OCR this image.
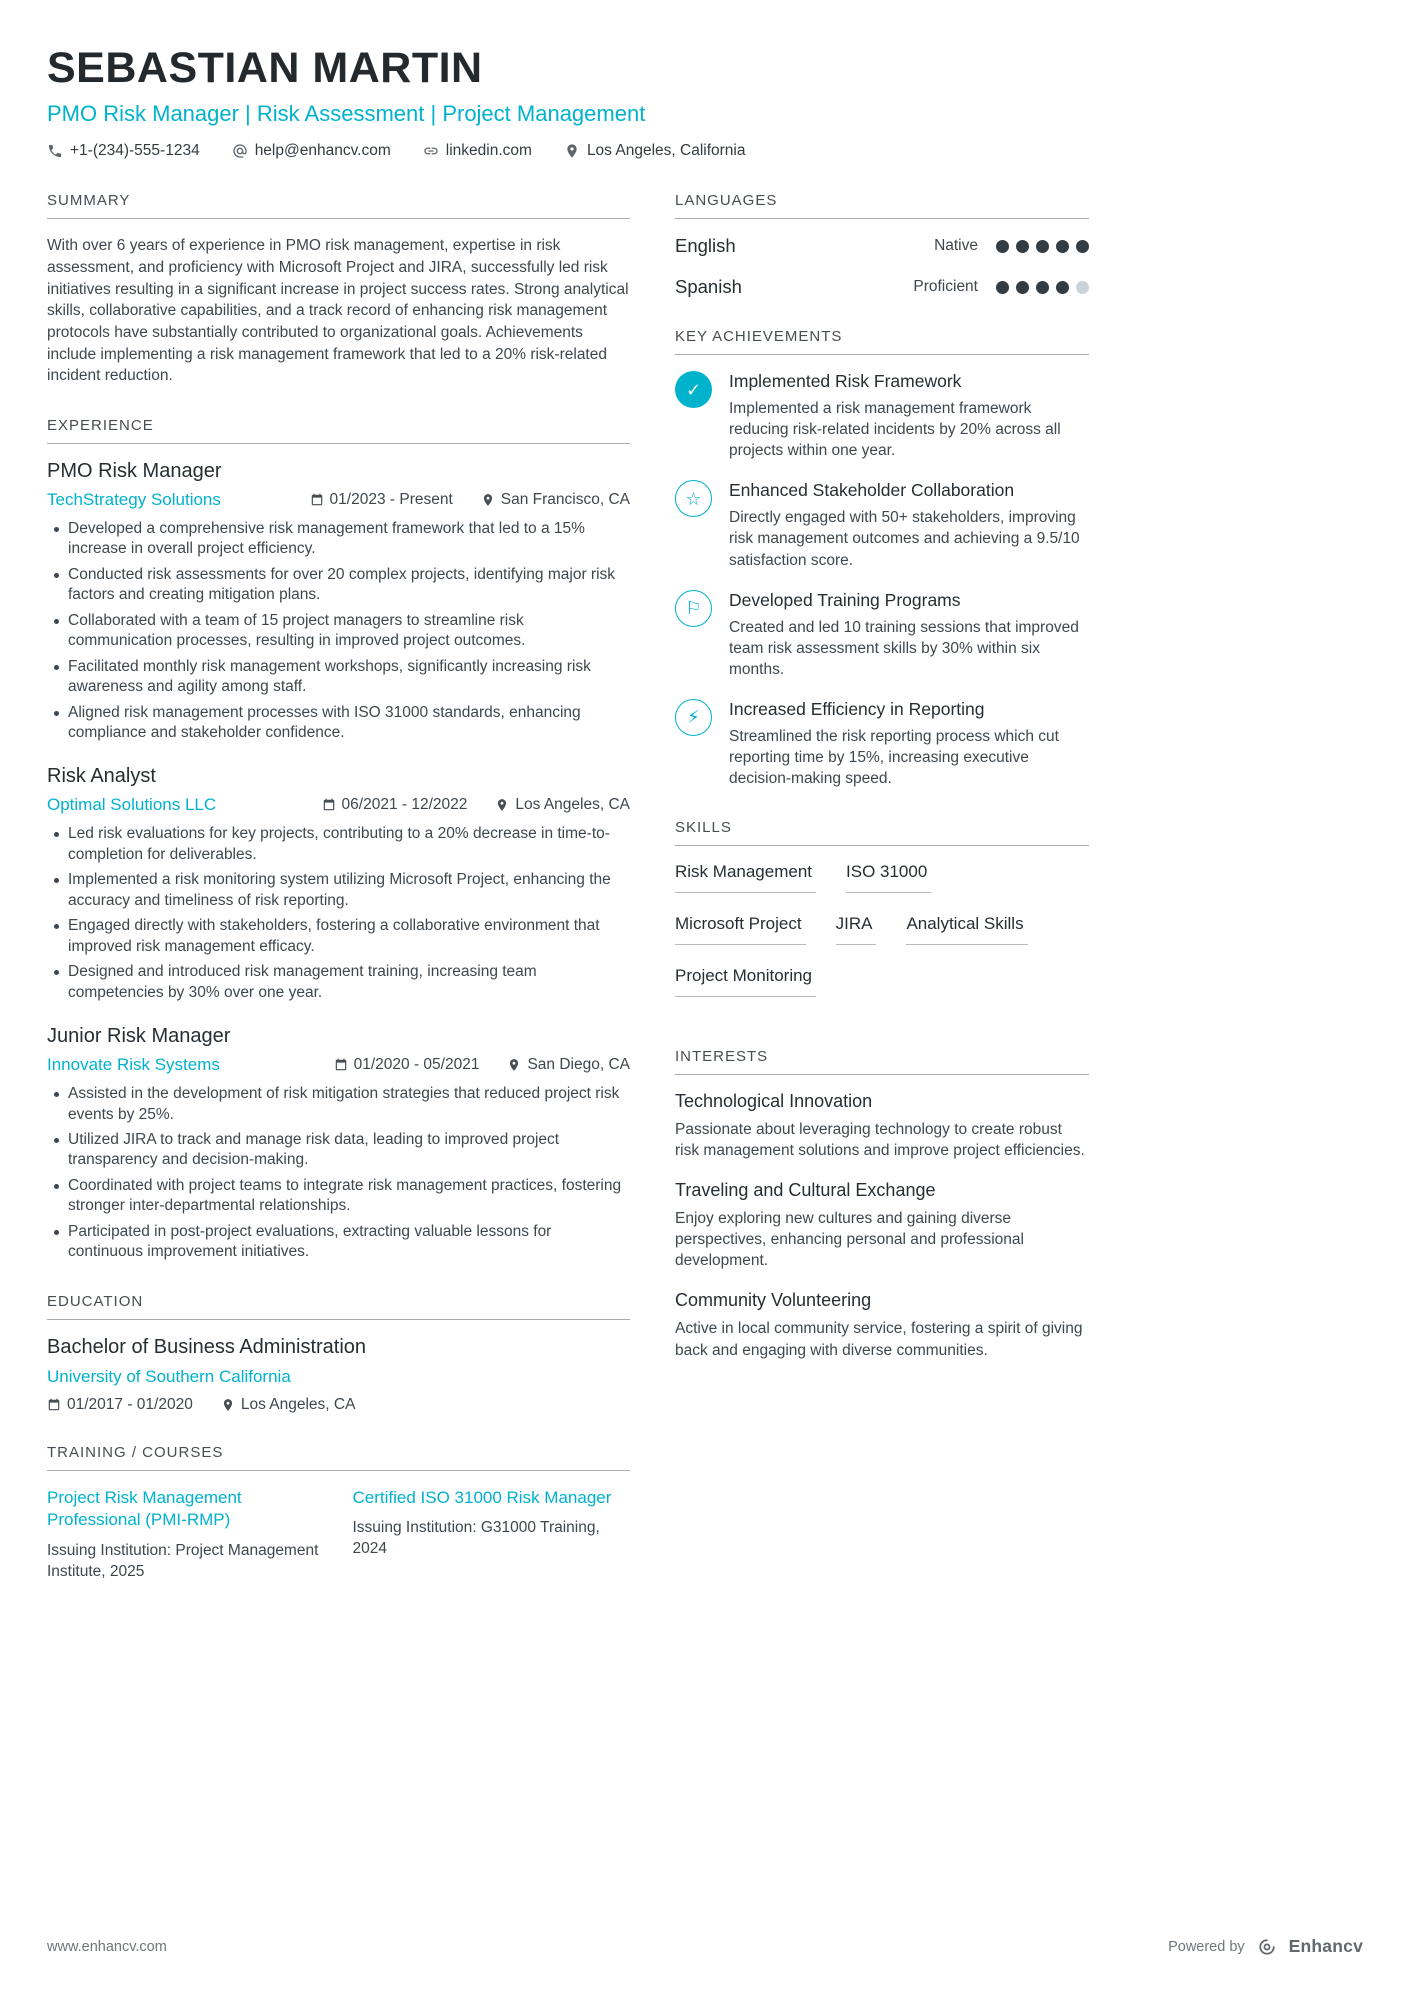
SEBASTIAN MARTIN
PMO Risk Manager | Risk Assessment | Project Management
+1-(234)-555-1234	help@enhancv.com	linkedin.com	Los Angeles, California
SUMMARY

With over 6 years of experience in PMO risk management, expertise in risk assessment, and proficiency with Microsoft Project and JIRA, successfully led risk initiatives resulting in a significant increase in project success rates. Strong analytical skills, collaborative capabilities, and a track record of enhancing risk management protocols have substantially contributed to organizational goals. Achievements include implementing a risk management framework that led to a 20% risk-related incident reduction.

EXPERIENCE
PMO Risk Manager
TechStrategy Solutions	01/2023 - Present	San Francisco, CA
Developed a comprehensive risk management framework that led to a 15% increase in overall project efficiency.
Conducted risk assessments for over 20 complex projects, identifying major risk factors and creating mitigation plans.
Collaborated with a team of 15 project managers to streamline risk communication processes, resulting in improved project outcomes.
Facilitated monthly risk management workshops, significantly increasing risk awareness and agility among staff.
Aligned risk management processes with ISO 31000 standards, enhancing compliance and stakeholder confidence.
Risk Analyst
Optimal Solutions LLC	06/2021 - 12/2022	Los Angeles, CA
Led risk evaluations for key projects, contributing to a 20% decrease in time-to-completion for deliverables.
Implemented a risk monitoring system utilizing Microsoft Project, enhancing the accuracy and timeliness of risk reporting.
Engaged directly with stakeholders, fostering a collaborative environment that improved risk management efficacy.
Designed and introduced risk management training, increasing team competencies by 30% over one year.
Junior Risk Manager
Innovate Risk Systems	01/2020 - 05/2021	San Diego, CA
Assisted in the development of risk mitigation strategies that reduced project risk events by 25%.
Utilized JIRA to track and manage risk data, leading to improved project transparency and decision-making.
Coordinated with project teams to integrate risk management practices, fostering stronger inter-departmental relationships.
Participated in post-project evaluations, extracting valuable lessons for continuous improvement initiatives.
EDUCATION
Bachelor of Business Administration
University of Southern California
01/2017 - 01/2020	Los Angeles, CA
TRAINING / COURSES
Project Risk Management Professional (PMI-RMP)
Issuing Institution: Project Management Institute, 2025
Certified ISO 31000 Risk Manager
Issuing Institution: G31000 Training, 2024
LANGUAGES
English	Native
Spanish	Proficient
KEY ACHIEVEMENTS
✓	Implemented Risk Framework
Implemented a risk management framework reducing risk-related incidents by 20% across all projects within one year.
☆	Enhanced Stakeholder Collaboration
Directly engaged with 50+ stakeholders, improving risk management outcomes and achieving a 9.5/10 satisfaction score.
⚐	Developed Training Programs
Created and led 10 training sessions that improved team risk assessment skills by 30% within six months.
⚡	Increased Efficiency in Reporting
Streamlined the risk reporting process which cut reporting time by 15%, increasing executive decision-making speed.
SKILLS
Risk Management ISO 31000
Microsoft Project JIRA Analytical Skills
Project Monitoring
INTERESTS
Technological Innovation
Passionate about leveraging technology to create robust risk management solutions and improve project efficiencies.
Traveling and Cultural Exchange
Enjoy exploring new cultures and gaining diverse perspectives, enhancing personal and professional development.
Community Volunteering
Active in local community service, fostering a spirit of giving back and engaging with diverse communities.
www.enhancv.com	Powered by	Enhancv
